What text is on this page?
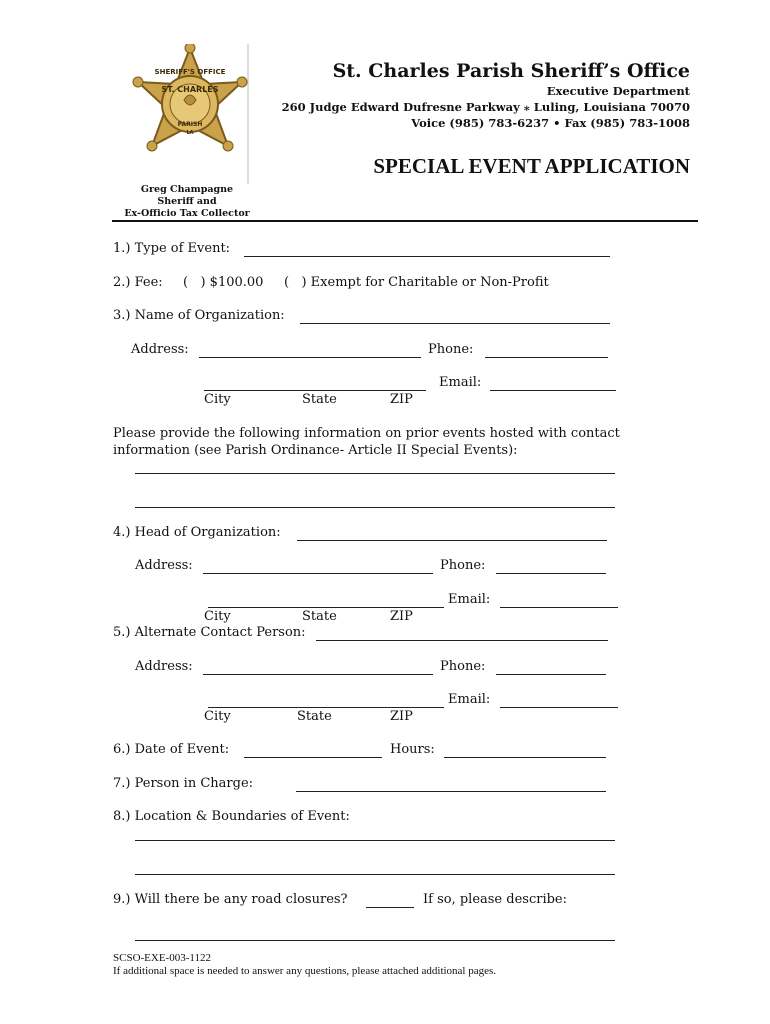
SHERIFF'S OFFICE
ST. CHARLES
PARISH
LA
St. Charles Parish Sheriff’s Office
Executive Department
260 Judge Edward Dufresne Parkway ⁎ Luling, Louisiana 70070
Voice (985) 783-6237 • Fax (985) 783-1008
SPECIAL EVENT APPLICATION
Greg Champagne
Sheriff and
Ex-Officio Tax Collector
1.) Type of Event:
2.) Fee: (   ) $100.00 (   ) Exempt for Charitable or Non-Profit
3.) Name of Organization:
Address:	Phone:
Email:
City	State	ZIP
Please provide the following information on prior events hosted with contact
information (see Parish Ordinance- Article II Special Events):
4.) Head of Organization:
Address:	Phone:
Email:
City	State	ZIP
5.) Alternate Contact Person:
Address:	Phone:
Email:
City	State	ZIP
6.) Date of Event:	Hours:
7.) Person in Charge:
8.) Location & Boundaries of Event:
9.) Will there be any road closures?	If so, please describe:
SCSO-EXE-003-1122
If additional space is needed to answer any questions, please attached additional pages.
